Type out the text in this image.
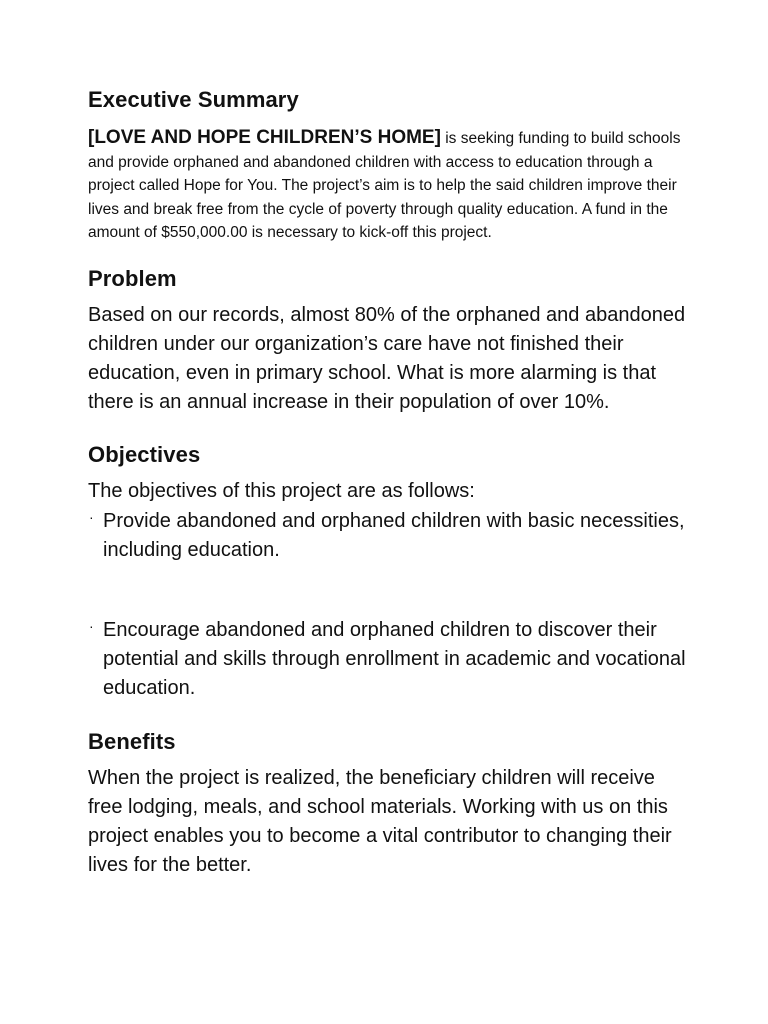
Executive Summary

[LOVE AND HOPE CHILDREN’S HOME] is seeking funding to build schools and provide orphaned and abandoned children with access to education through a project called Hope for You. The project’s aim is to help the said children improve their lives and break free from the cycle of poverty through quality education. A fund in the amount of $550,000.00 is necessary to kick-off this project.

Problem

Based on our records, almost 80% of the orphaned and abandoned children under our organization’s care have not finished their education, even in primary school. What is more alarming is that there is an annual increase in their population of over 10%.

Objectives

The objectives of this project are as follows:

· Provide abandoned and orphaned children with basic necessities, including education.
· Encourage abandoned and orphaned children to discover their potential and skills through enrollment in academic and vocational education.
Benefits

When the project is realized, the beneficiary children will receive free lodging, meals, and school materials. Working with us on this project enables you to become a vital contributor to changing their lives for the better.
